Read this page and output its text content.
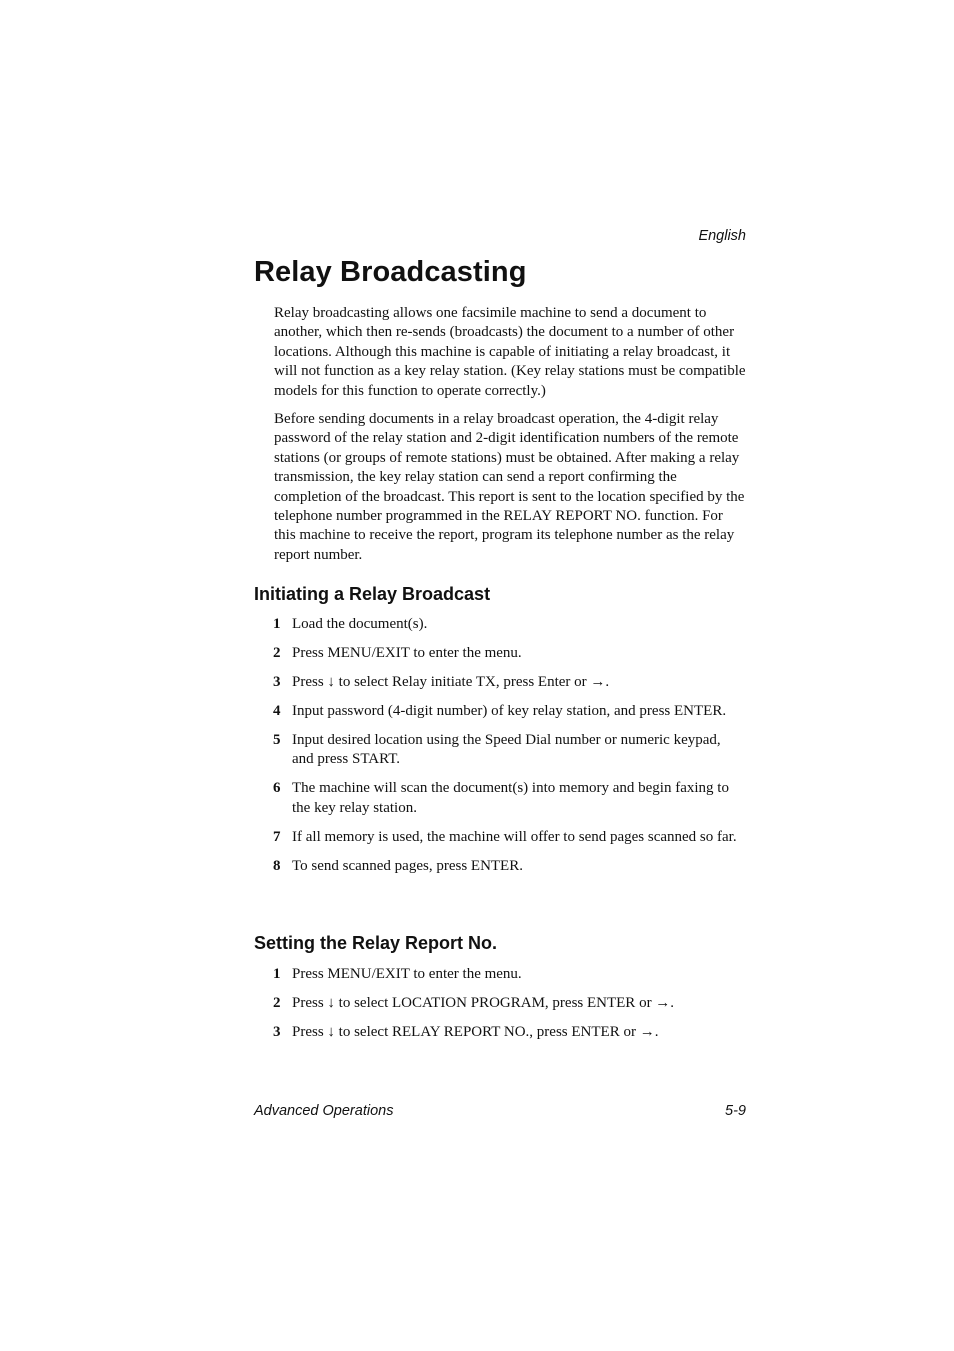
English
Relay Broadcasting

Relay broadcasting allows one facsimile machine to send a document to another, which then re-sends (broadcasts) the document to a number of other locations. Although this machine is capable of initiating a relay broadcast, it will not function as a key relay station. (Key relay stations must be compatible models for this function to operate correctly.)

Before sending documents in a relay broadcast operation, the 4-digit relay password of the relay station and 2-digit identification numbers of the remote stations (or groups of remote stations) must be obtained. After making a relay transmission, the key relay station can send a report confirming the completion of the broadcast. This report is sent to the location specified by the telephone number programmed in the RELAY REPORT NO. function. For this machine to receive the report, program its telephone number as the relay report number.

Initiating a Relay Broadcast
1 Load the document(s).
2 Press MENU/EXIT to enter the menu.
3 Press ↓ to select Relay initiate TX, press Enter or →.
4 Input password (4-digit number) of key relay station, and press ENTER.
5 Input desired location using the Speed Dial number or numeric keypad, and press START.
6 The machine will scan the document(s) into memory and begin faxing to the key relay station.
7 If all memory is used, the machine will offer to send pages scanned so far.
8 To send scanned pages, press ENTER.
Setting the Relay Report No.
1 Press MENU/EXIT to enter the menu.
2 Press ↓ to select LOCATION PROGRAM, press ENTER or →.
3 Press ↓ to select RELAY REPORT NO., press ENTER or →.
Advanced Operations	5-9
